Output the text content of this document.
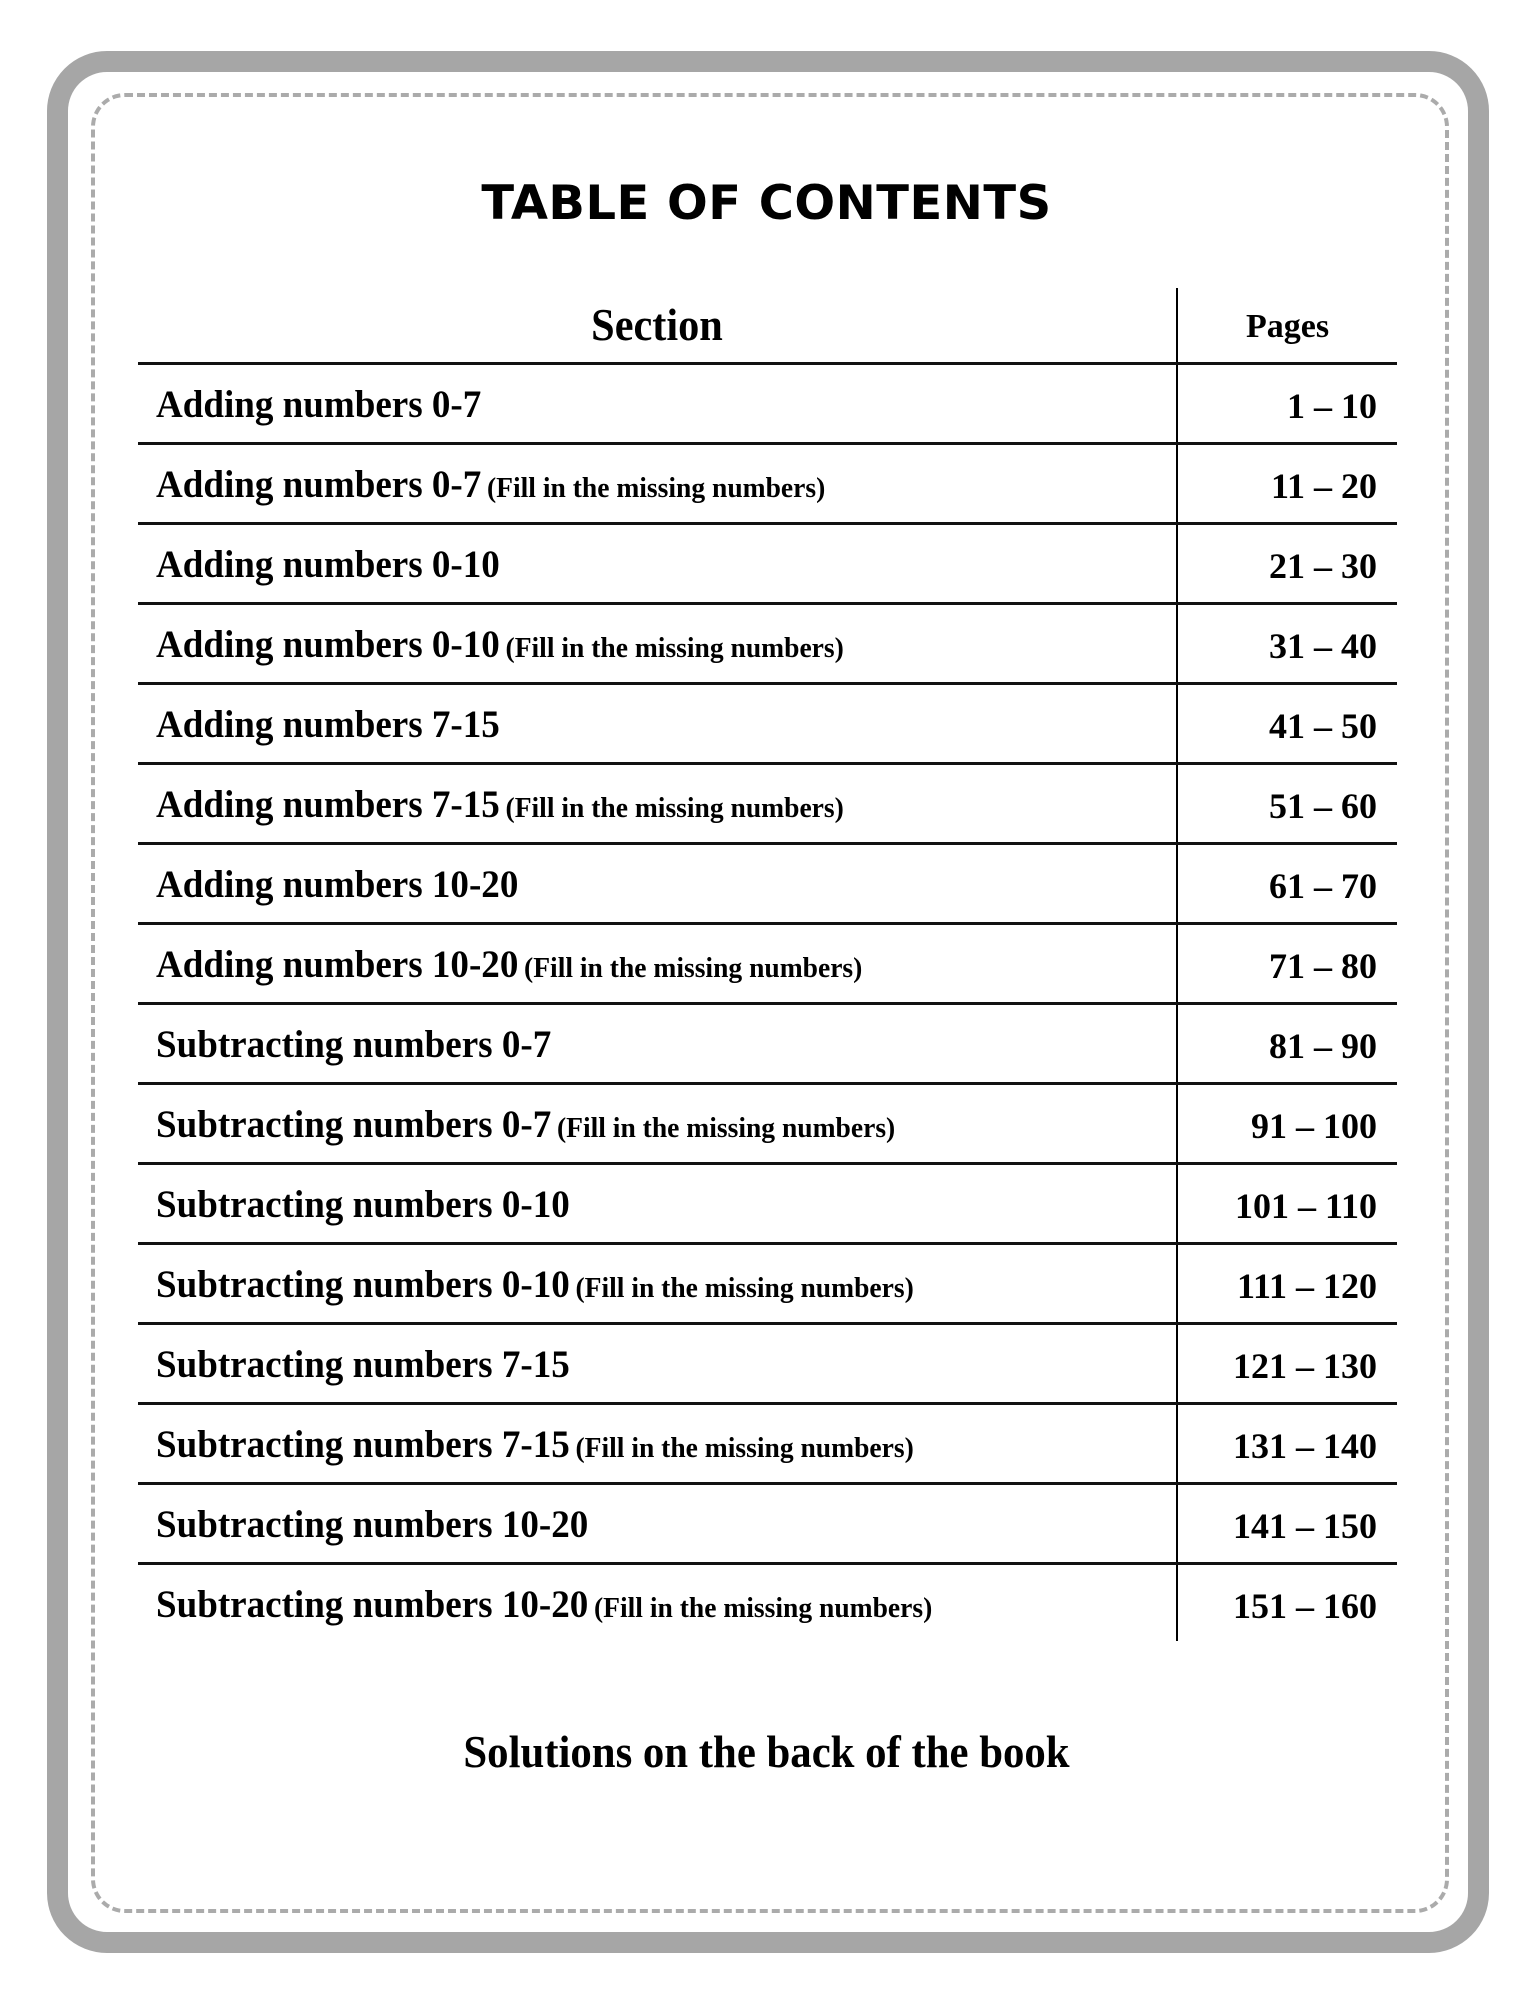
TABLE OF CONTENTS
Section	Pages
Adding numbers 0-7	1 – 10
Adding numbers 0-7 (Fill in the missing numbers)	11 – 20
Adding numbers 0-10	21 – 30
Adding numbers 0-10 (Fill in the missing numbers)	31 – 40
Adding numbers 7-15	41 – 50
Adding numbers 7-15 (Fill in the missing numbers)	51 – 60
Adding numbers 10-20	61 – 70
Adding numbers 10-20 (Fill in the missing numbers)	71 – 80
Subtracting numbers 0-7	81 – 90
Subtracting numbers 0-7 (Fill in the missing numbers)	91 – 100
Subtracting numbers 0-10	101 – 110
Subtracting numbers 0-10 (Fill in the missing numbers)	111 – 120
Subtracting numbers 7-15	121 – 130
Subtracting numbers 7-15 (Fill in the missing numbers)	131 – 140
Subtracting numbers 10-20	141 – 150
Subtracting numbers 10-20 (Fill in the missing numbers)	151 – 160
Solutions on the back of the book
